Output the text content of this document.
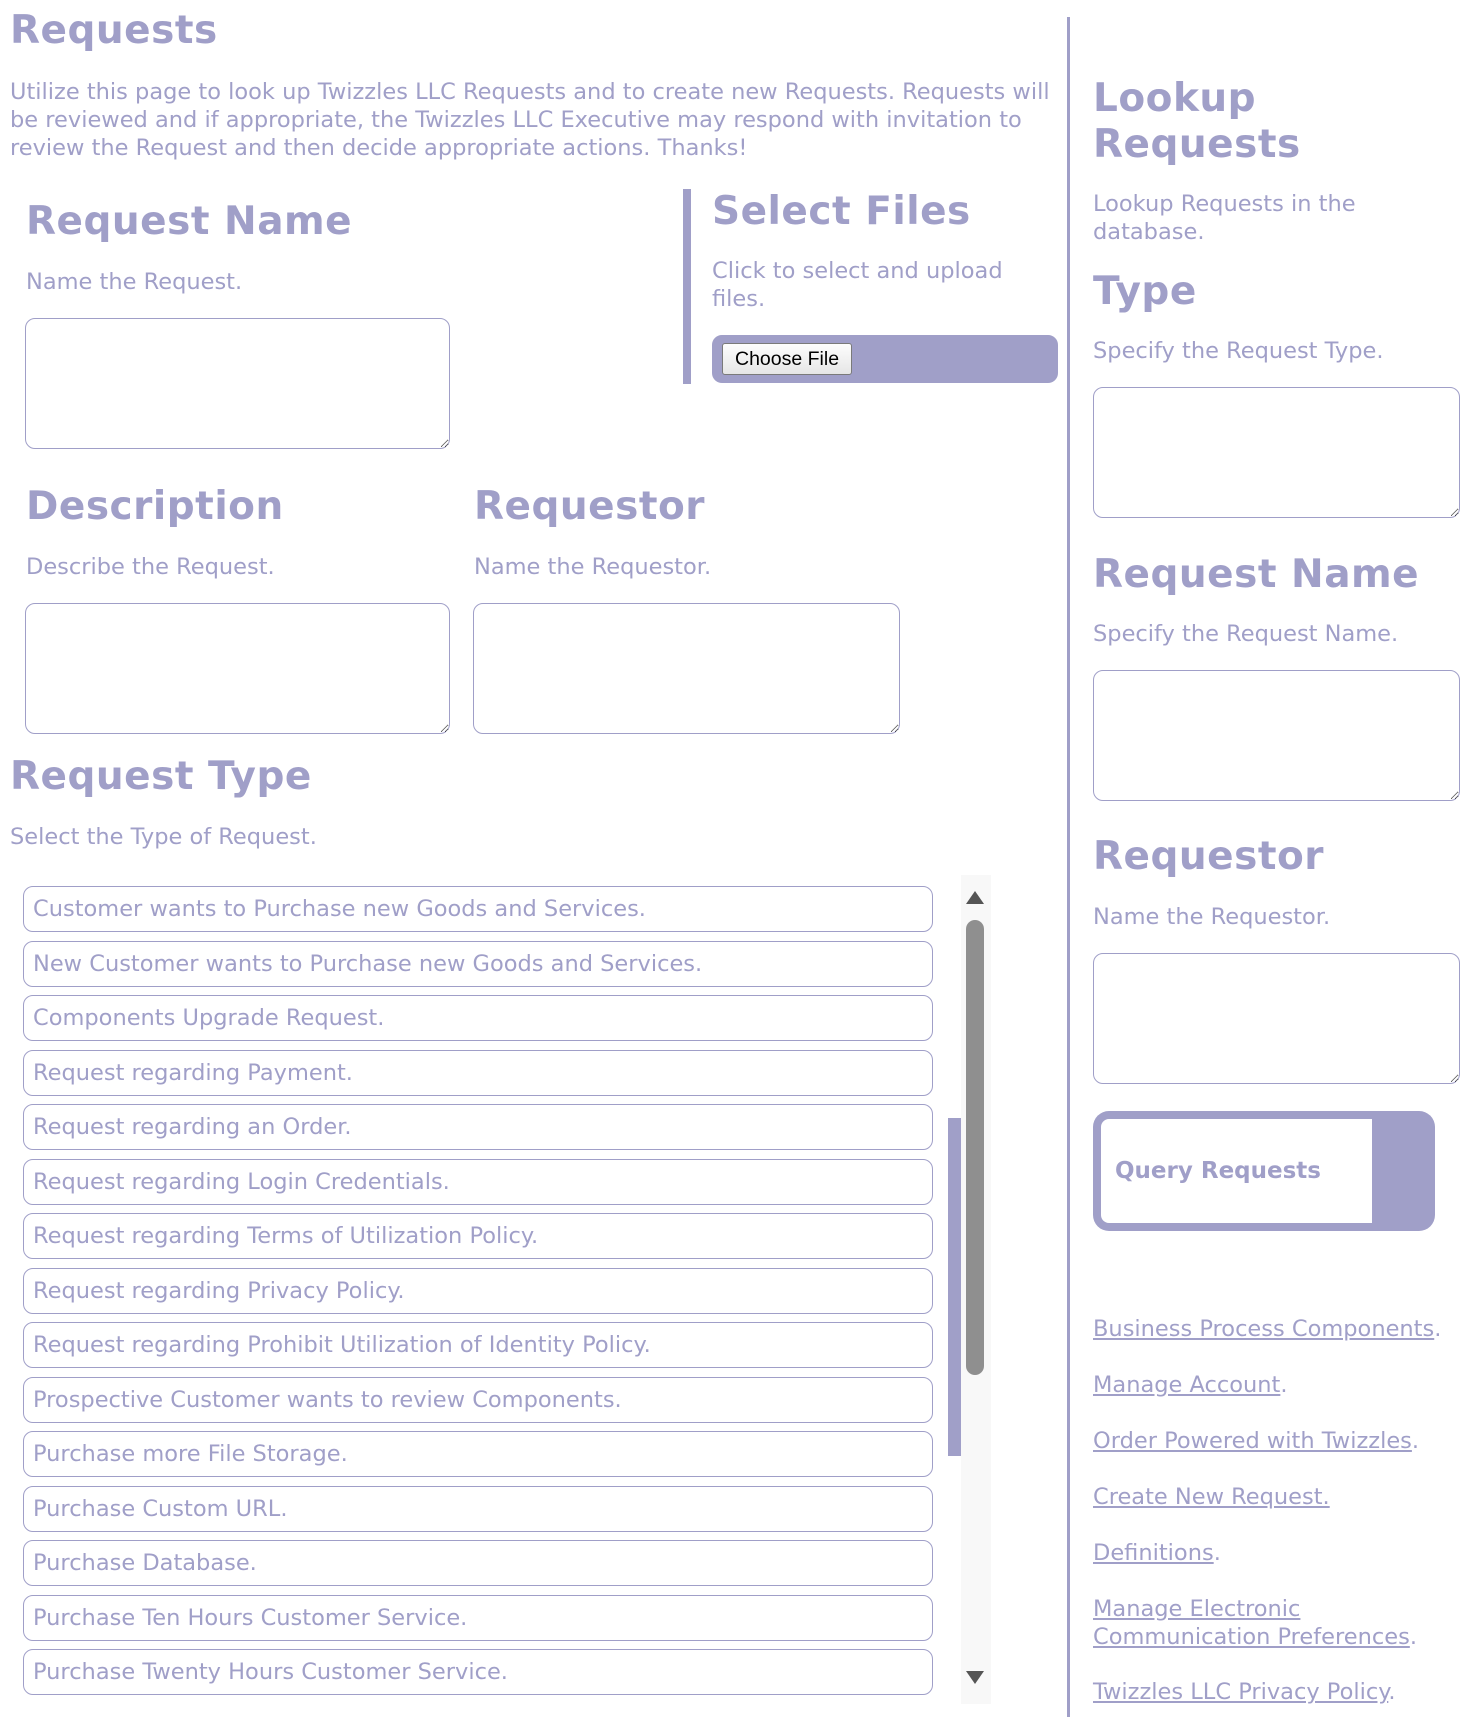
Requests
Utilize this page to look up Twizzles LLC Requests and to create new Requests. Requests will be reviewed and if appropriate, the Twizzles LLC Executive may respond with invitation to review the Request and then decide appropriate actions. Thanks!
Request Name
Name the Request.
Select Files
Click to select and upload files.
Choose File
Description
Describe the Request.
Requestor
Name the Requestor.
Request Type
Select the Type of Request.
Customer wants to Purchase new Goods and Services.
New Customer wants to Purchase new Goods and Services.
Components Upgrade Request.
Request regarding Payment.
Request regarding an Order.
Request regarding Login Credentials.
Request regarding Terms of Utilization Policy.
Request regarding Privacy Policy.
Request regarding Prohibit Utilization of Identity Policy.
Prospective Customer wants to review Components.
Purchase more File Storage.
Purchase Custom URL.
Purchase Database.
Purchase Ten Hours Customer Service.
Purchase Twenty Hours Customer Service.
Lookup Requests
Lookup Requests in the database.
Type
Specify the Request Type.
Request Name
Specify the Request Name.
Requestor
Name the Requestor.
Query Requests
Business Process Components.
Manage Account.
Order Powered with Twizzles.
Create New Request.
Definitions.
Manage Electronic Communication Preferences.
Twizzles LLC Privacy Policy.
